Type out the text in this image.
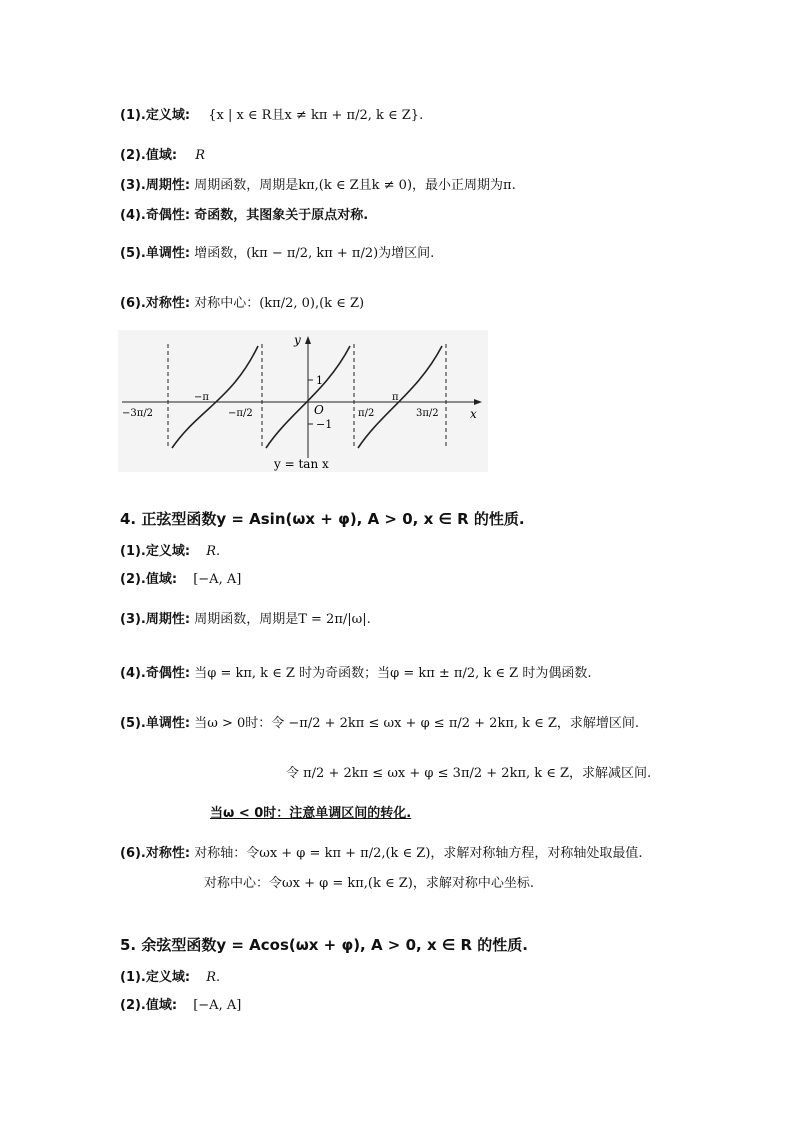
(1).定义域: {x | x ∈ R且x ≠ kπ + π/2, k ∈ Z}.
(2).值域: R
(3).周期性: 周期函数，周期是kπ,(k ∈ Z且k ≠ 0)，最小正周期为π.
(4).奇偶性: 奇函数，其图象关于原点对称.
(5).单调性: 增函数，(kπ − π/2, kπ + π/2)为增区间.
(6).对称性: 对称中心：(kπ/2, 0),(k ∈ Z)
y
x
O
1
−1
−3π/2
−π
−π/2	π/2
π
3π/2
y = tan x
4. 正弦型函数y = Asin(ωx + φ), A > 0, x ∈ R 的性质.
(1).定义域: R.
(2).值域: [−A, A]
(3).周期性: 周期函数，周期是T = 2π/|ω|.
(4).奇偶性: 当φ = kπ, k ∈ Z 时为奇函数；当φ = kπ ± π/2, k ∈ Z 时为偶函数.
(5).单调性: 当ω > 0时：令 −π/2 + 2kπ ≤ ωx + φ ≤ π/2 + 2kπ, k ∈ Z，求解增区间.
令 π/2 + 2kπ ≤ ωx + φ ≤ 3π/2 + 2kπ, k ∈ Z，求解减区间.
当ω < 0时：注意单调区间的转化.
(6).对称性: 对称轴：令ωx + φ = kπ + π/2,(k ∈ Z)，求解对称轴方程，对称轴处取最值.
对称中心：令ωx + φ = kπ,(k ∈ Z)，求解对称中心坐标.
5. 余弦型函数y = Acos(ωx + φ), A > 0, x ∈ R 的性质.
(1).定义域: R.
(2).值域: [−A, A]
